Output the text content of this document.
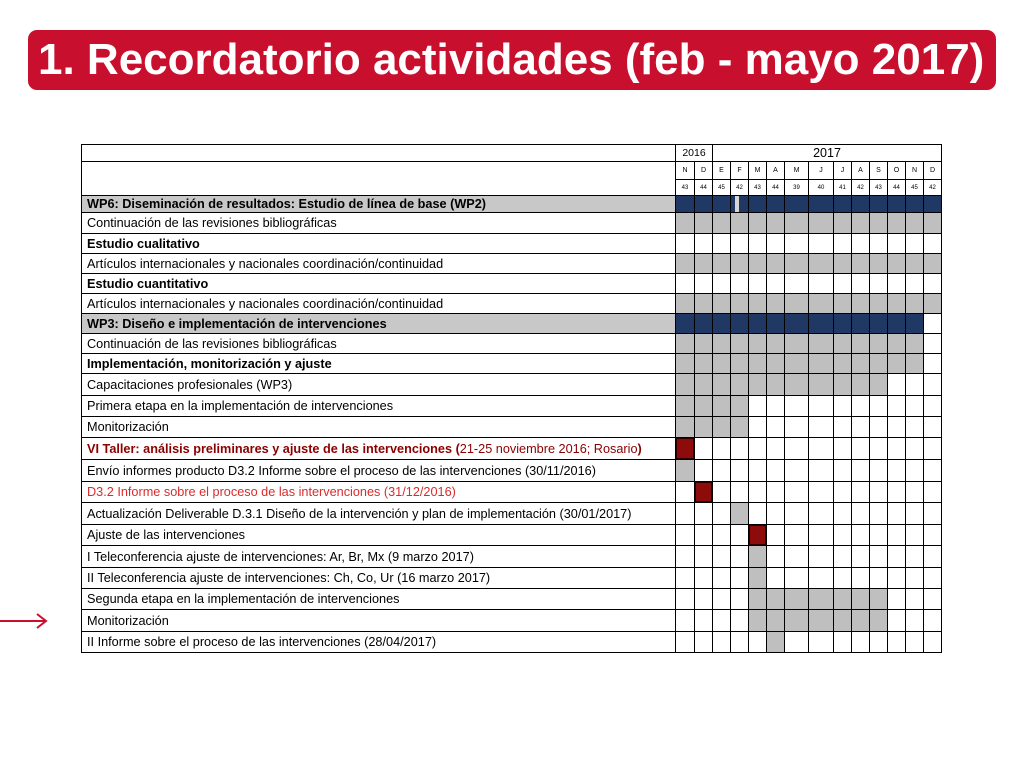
1. Recordatorio actividades (feb - mayo 2017)
2016	2017
N	D	E	F	M	A	M	J	J	A	S	O	N	D
43	44	45	42	43	44	39	40	41	42	43	44	45	42
WP6: Diseminación de resultados: Estudio de línea de base (WP2)
Continuación de las revisiones bibliográficas
Estudio cualitativo
Artículos internacionales y nacionales coordinación/continuidad
Estudio cuantitativo
Artículos internacionales y nacionales coordinación/continuidad
WP3: Diseño e implementación de intervenciones
Continuación de las revisiones bibliográficas
Implementación, monitorización y ajuste
Capacitaciones profesionales (WP3)
Primera etapa en la implementación de intervenciones
Monitorización
VI Taller: análisis preliminares y ajuste de las intervenciones ( 21-25 noviembre 2016; Rosario )
Envío informes producto D3.2 Informe sobre el proceso de las intervenciones (30/11/2016)
D3.2 Informe sobre el proceso de las intervenciones (31/12/2016)
Actualización Deliverable D.3.1 Diseño de la intervención y plan de implementación (30/01/2017)
Ajuste de las intervenciones
I Teleconferencia ajuste de intervenciones: Ar, Br, Mx (9 marzo 2017)
II Teleconferencia ajuste de intervenciones: Ch, Co, Ur (16 marzo 2017)
Segunda etapa en la implementación de intervenciones
Monitorización
II Informe sobre el proceso de las intervenciones (28/04/2017)
